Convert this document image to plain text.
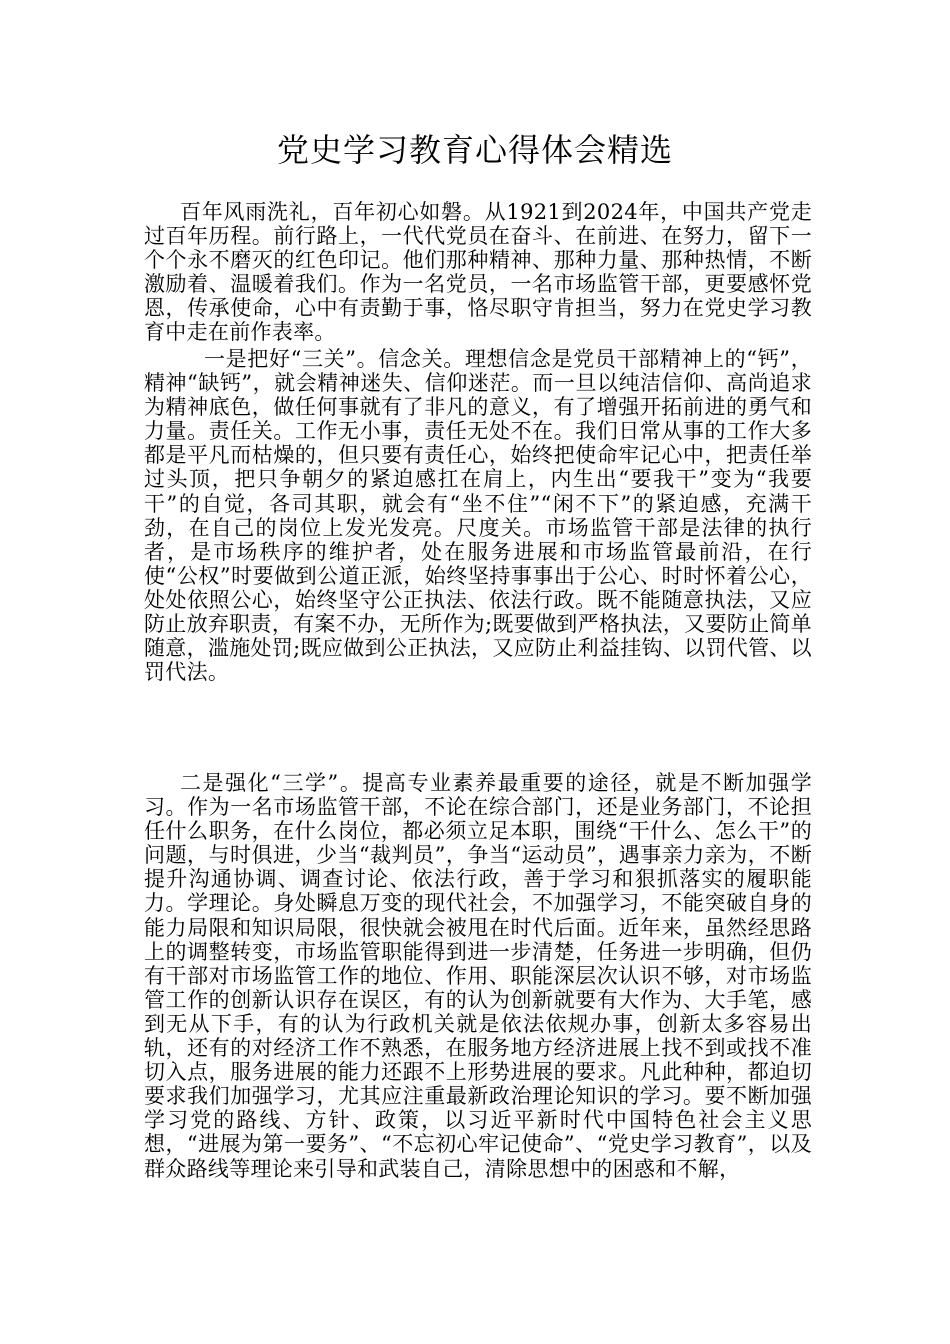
党史学习教育心得体会精选

百年风雨洗礼，百年初心如磐。从1921到2024年，中国共产党走过百年历程。前行路上，一代代党员在奋斗、在前进、在努力，留下一个个永不磨灭的红色印记。他们那种精神、那种力量、那种热情，不断激励着、温暖着我们。作为一名党员，一名市场监管干部，更要感怀党恩，传承使命，心中有责勤于事，恪尽职守肯担当，努力在党史学习教育中走在前作表率。

一是把好“三关”。信念关。理想信念是党员干部精神上的“钙”，精神“缺钙”，就会精神迷失、信仰迷茫。而一旦以纯洁信仰、高尚追求为精神底色，做任何事就有了非凡的意义，有了增强开拓前进的勇气和力量。责任关。工作无小事，责任无处不在。我们日常从事的工作大多都是平凡而枯燥的，但只要有责任心，始终把使命牢记心中，把责任举过头顶，把只争朝夕的紧迫感扛在肩上，内生出“要我干”变为“我要干”的自觉，各司其职，就会有“坐不住”“闲不下”的紧迫感，充满干劲，在自己的岗位上发光发亮。尺度关。市场监管干部是法律的执行者，是市场秩序的维护者，处在服务进展和市场监管最前沿，在行使“公权”时要做到公道正派，始终坚持事事出于公心、时时怀着公心，处处依照公心，始终坚守公正执法、依法行政。既不能随意执法，又应防止放弃职责，有案不办，无所作为;既要做到严格执法，又要防止简单随意，滥施处罚;既应做到公正执法，又应防止利益挂钩、以罚代管、以罚代法。

二是强化“三学”。提高专业素养最重要的途径，就是不断加强学习。作为一名市场监管干部，不论在综合部门，还是业务部门，不论担任什么职务，在什么岗位，都必须立足本职，围绕“干什么、怎么干”的问题，与时俱进，少当“裁判员”，争当“运动员”，遇事亲力亲为，不断提升沟通协调、调查讨论、依法行政，善于学习和狠抓落实的履职能力。学理论。身处瞬息万变的现代社会，不加强学习，不能突破自身的能力局限和知识局限，很快就会被甩在时代后面。近年来，虽然经思路上的调整转变，市场监管职能得到进一步清楚，任务进一步明确，但仍有干部对市场监管工作的地位、作用、职能深层次认识不够，对市场监管工作的创新认识存在误区，有的认为创新就要有大作为、大手笔，感到无从下手，有的认为行政机关就是依法依规办事，创新太多容易出轨，还有的对经济工作不熟悉，在服务地方经济进展上找不到或找不准切入点，服务进展的能力还跟不上形势进展的要求。凡此种种，都迫切要求我们加强学习，尤其应注重最新政治理论知识的学习。要不断加强学习党的路线、方针、政策，以习近平新时代中国特色社会主义思想，“进展为第一要务”、“不忘初心牢记使命”、“党史学习教育”，以及群众路线等理论来引导和武装自己，清除思想中的困惑和不解，
